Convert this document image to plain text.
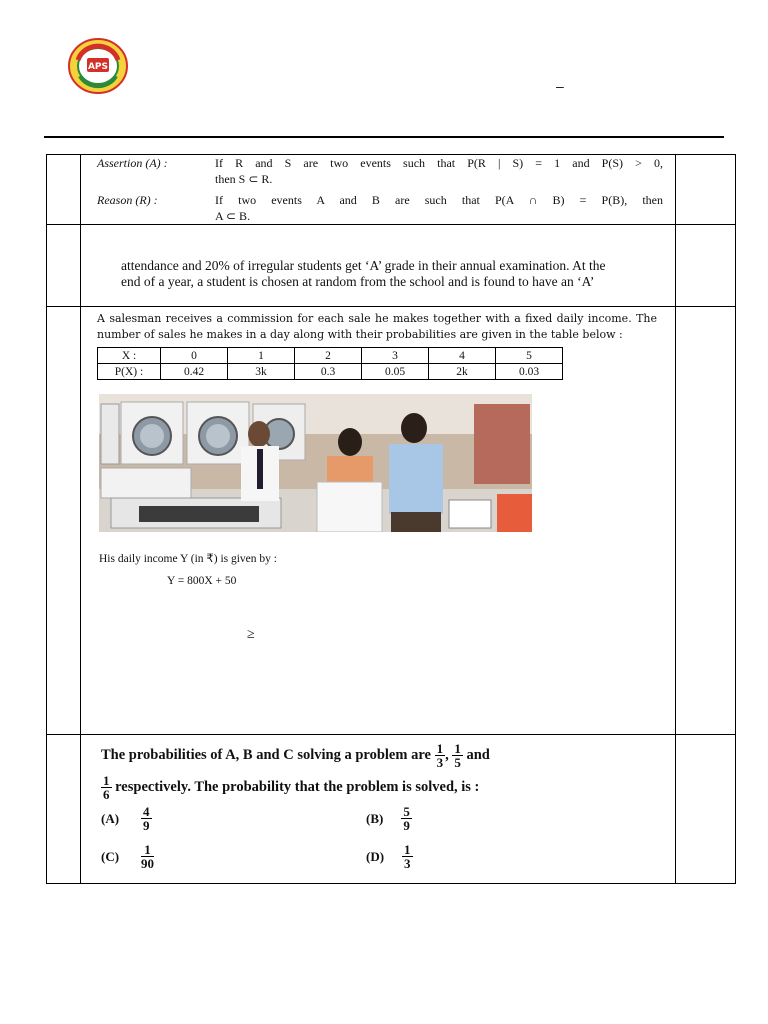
APS
–

Assertion (A) :	If R and S are two events such that P(R | S) = 1 and P(S) > 0,
then S ⊂ R.
Reason (R) :	If two events A and B are such that P(A ∩ B) = P(B), then
A ⊂ B.

attendance and 20% of irregular students get ‘A’ grade in their annual examination. At the
end of a year, a student is chosen at random from the school and is found to have an ‘A’

A salesman receives a commission for each sale he makes together with a fixed daily income. The number of sales he makes in a day along with their probabilities are given in the table below :
X :	0	1	2	3	4	5
P(X) :	0.42	3k	0.3	0.05	2k	0.03
His daily income Y (in ₹) is given by :
Y = 800X + 50
≥

The probabilities of A, B and C solving a problem are $\frac{1}{3}$ , $\frac{1}{5}$ and
$\frac{1}{6}$ respectively. The probability that the problem is solved, is :
$(A) \frac{4}{9}$	$(B) \frac{5}{9}$
$(C) \frac{1}{90}$	$(D) \frac{1}{3}$
